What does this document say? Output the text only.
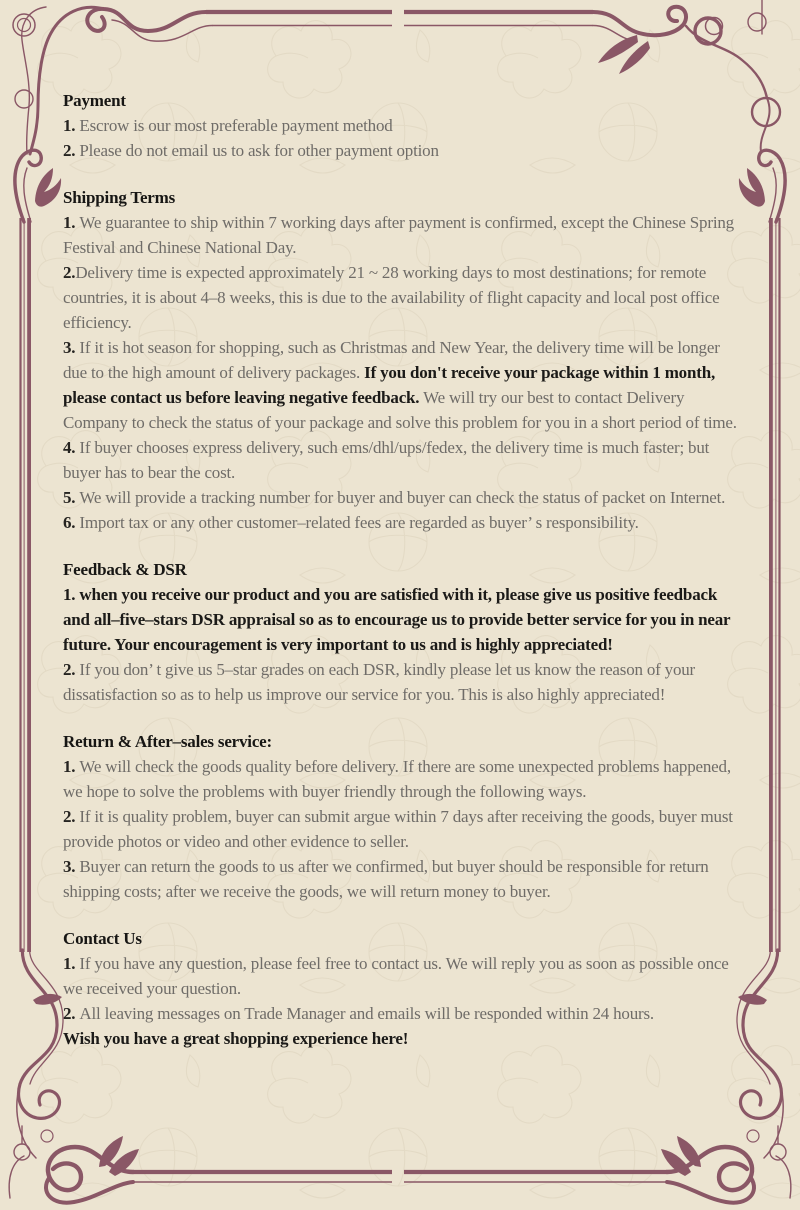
Payment

1. Escrow is our most preferable payment method

2. Please do not email us to ask for other payment option

Shipping Terms

1. We guarantee to ship within 7 working days after payment is confirmed, except the Chinese Spring Festival and Chinese National Day.

2.Delivery time is expected approximately 21 ~ 28 working days to most destinations; for remote countries, it is about 4–8 weeks, this is due to the availability of flight capacity and local post office efficiency.

3. If it is hot season for shopping, such as Christmas and New Year, the delivery time will be longer due to the high amount of delivery packages. If you don't receive your package within 1 month, please contact us before leaving negative feedback. We will try our best to contact Delivery Company to check the status of your package and solve this problem for you in a short period of time.

4. If buyer chooses express delivery, such ems/dhl/ups/fedex, the delivery time is much faster; but buyer has to bear the cost.

5. We will provide a tracking number for buyer and buyer can check the status of packet on Internet.

6. Import tax or any other customer–related fees are regarded as buyer’ s responsibility.

Feedback & DSR

1. when you receive our product and you are satisfied with it, please give us positive feedback and all–five–stars DSR appraisal so as to encourage us to provide better service for you in near future. Your encouragement is very important to us and is highly appreciated!

2. If you don’ t give us 5–star grades on each DSR, kindly please let us know the reason of your dissatisfaction so as to help us improve our service for you. This is also highly appreciated!

Return & After–sales service:

1. We will check the goods quality before delivery. If there are some unexpected problems happened, we hope to solve the problems with buyer friendly through the following ways.

2. If it is quality problem, buyer can submit argue within 7 days after receiving the goods, buyer must provide photos or video and other evidence to seller.

3. Buyer can return the goods to us after we confirmed, but buyer should be responsible for return shipping costs; after we receive the goods, we will return money to buyer.

Contact Us

1. If you have any question, please feel free to contact us. We will reply you as soon as possible once we received your question.

2. All leaving messages on Trade Manager and emails will be responded within 24 hours.

Wish you have a great shopping experience here!
